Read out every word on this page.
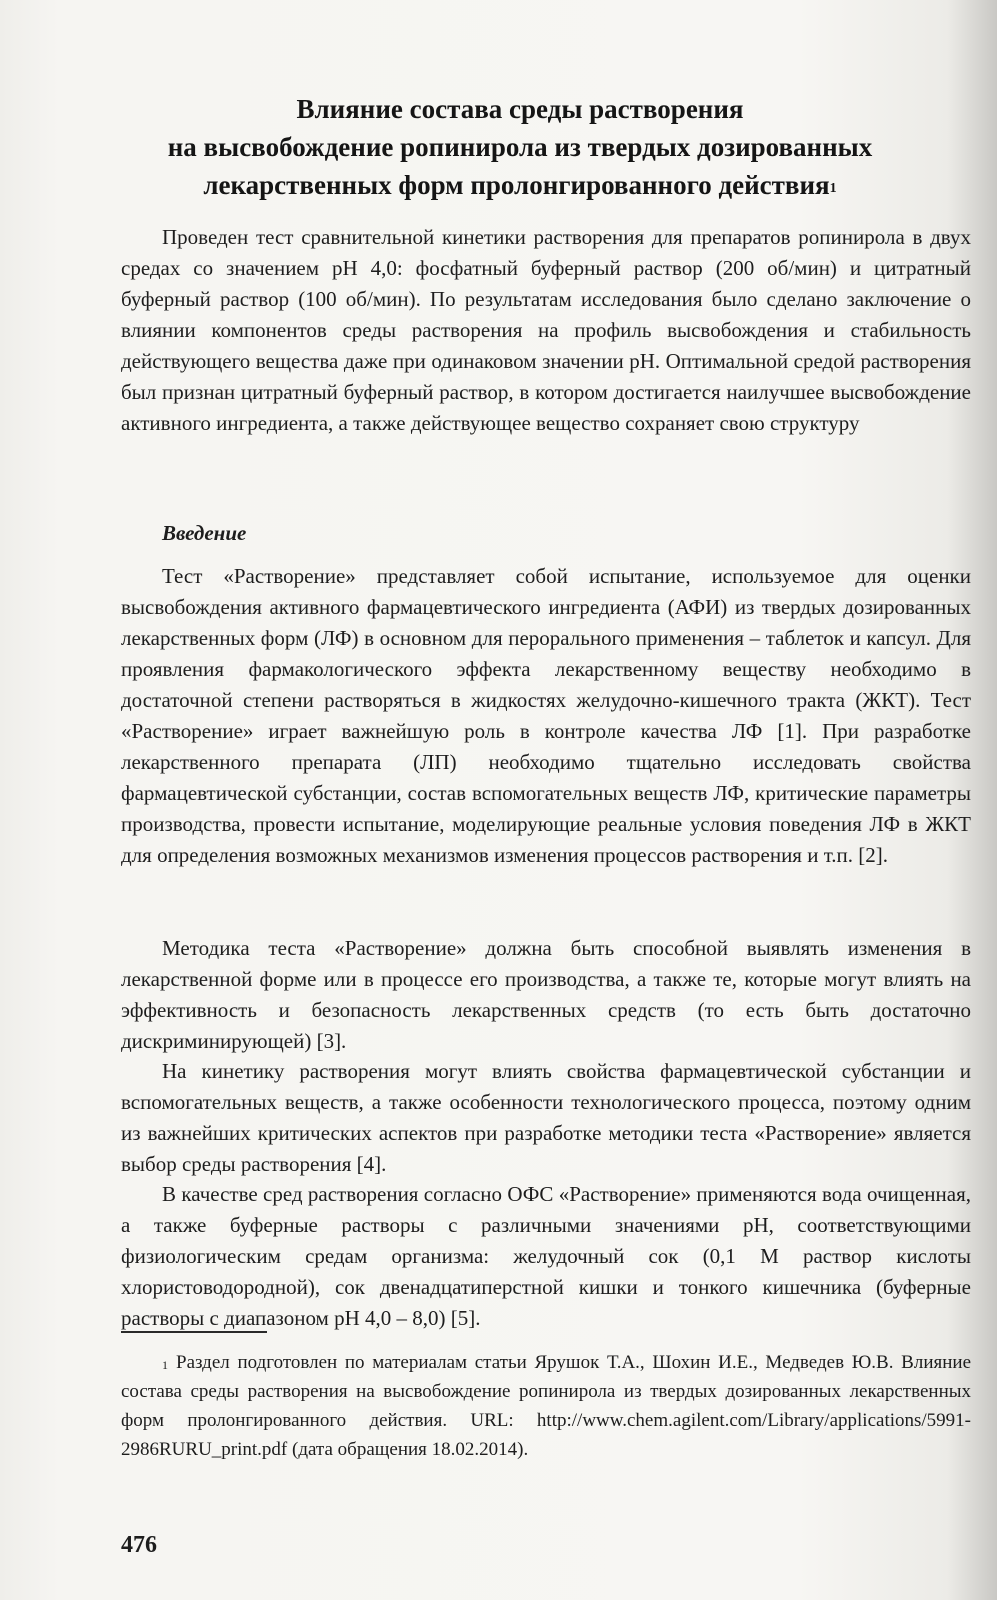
Влияние состава среды растворения
на высвобождение ропинирола из твердых дозированных
лекарственных форм пролонгированного действия$^1$

Проведен тест сравнительной кинетики растворения для препаратов ропинирола в двух средах со значением pH 4,0: фосфатный буферный раствор (200 об/мин) и цитратный буферный раствор (100 об/мин). По результатам исследования было сделано заключение о влиянии компонентов среды растворения на профиль высвобождения и стабильность действующего вещества даже при одинаковом значении pH. Оптимальной средой растворения был признан цитратный буферный раствор, в котором достигается наилучшее высвобождение активного ингредиента, а также действующее вещество сохраняет свою структуру

Введение

Тест «Растворение» представляет собой испытание, используемое для оценки высвобождения активного фармацевтического ингредиента (АФИ) из твердых дозированных лекарственных форм (ЛФ) в основном для перорального применения – таблеток и капсул. Для проявления фармакологического эффекта лекарственному веществу необходимо в достаточной степени растворяться в жидкостях желудочно-кишечного тракта (ЖКТ). Тест «Растворение» играет важнейшую роль в контроле качества ЛФ [1]. При разработке лекарственного препарата (ЛП) необходимо тщательно исследовать свойства фармацевтической субстанции, состав вспомогательных веществ ЛФ, критические параметры производства, провести испытание, моделирующие реальные условия поведения ЛФ в ЖКТ для определения возможных механизмов изменения процессов растворения и т.п. [2].

Методика теста «Растворение» должна быть способной выявлять изменения в лекарственной форме или в процессе его производства, а также те, которые могут влиять на эффективность и безопасность лекарственных средств (то есть быть достаточно дискриминирующей) [3].

На кинетику растворения могут влиять свойства фармацевтической субстанции и вспомогательных веществ, а также особенности технологического процесса, поэтому одним из важнейших критических аспектов при разработке методики теста «Растворение» является выбор среды растворения [4].

В качестве сред растворения согласно ОФС «Растворение» применяются вода очищенная, а также буферные растворы с различными значениями pH, соответствующими физиологическим средам организма: желудочный сок (0,1 М раствор кислоты хлористоводородной), сок двенадцатиперстной кишки и тонкого кишечника (буферные растворы с диапазоном pH 4,0 – 8,0) [5].

$^1$ Раздел подготовлен по материалам статьи Ярушок Т.А., Шохин И.Е., Медведев Ю.В. Влияние состава среды растворения на высвобождение ропинирола из твердых дозированных лекарственных форм пролонгированного действия. URL: http://www.chem.agilent.com/Library/applications/5991-2986RURU_print.pdf (дата обращения 18.02.2014).

476
